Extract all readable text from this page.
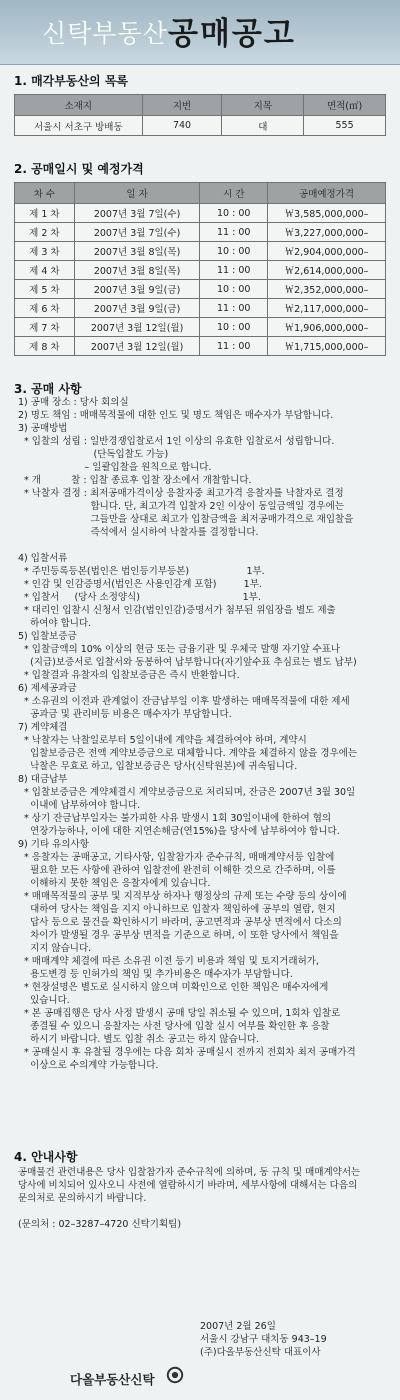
신탁부동산 공매공고
1. 매각부동산의 목록
소재지	지번	지목	면적(㎡)
서울시 서초구 방배동	740	대	555
2. 공매일시 및 예정가격
차 수	일 자	시 간	공매예정가격
제 1 차	2007년 3월 7일(수)	10 : 00	￦3,585,000,000–
제 2 차	2007년 3월 7일(수)	11 : 00	￦3,227,000,000–
제 3 차	2007년 3월 8일(목)	10 : 00	￦2,904,000,000–
제 4 차	2007년 3월 8일(목)	11 : 00	￦2,614,000,000–
제 5 차	2007년 3월 9일(금)	10 : 00	￦2,352,000,000–
제 6 차	2007년 3월 9일(금)	11 : 00	￦2,117,000,000–
제 7 차	2007년 3월 12일(월)	10 : 00	￦1,906,000,000–
제 8 차	2007년 3월 12일(월)	11 : 00	￦1,715,000,000–
3. 공매 사항
1) 공매 장소 : 당사 회의실
2) 명도 책임 : 매매목적물에 대한 인도 및 명도 책임은 매수자가 부담합니다.
3) 공매방법
* 입찰의 성립 : 일반경쟁입찰로서 1인 이상의 유효한 입찰로서 성립합니다.
(단독입찰도 가능)
– 일괄입찰을 원칙으로 합니다.
* 개          찰 : 입찰 종료후 입찰 장소에서 개찰합니다.
* 낙찰자 결정 : 최저공매가격이상 응찰자중 최고가격 응찰자를 낙찰자로 결정
합니다. 단, 최고가격 입찰자 2인 이상이 동일금액일 경우에는
그들만을 상대로 최고가 입찰금액을 최저공매가격으로 재입찰을
즉석에서 실시하여 낙찰자를 결정합니다.
4) 입찰서류
* 주민등록등본(법인은 법인등기부등본)                   1부.
* 인감 및 인감증명서(법인은 사용인감계 포함)         1부.
* 입찰서     (당사 소정양식)                                  1부.
* 대리인 입찰시 신청서 인감(법인인감)증명서가 첨부된 위임장을 별도 제출
하여야 합니다.
5) 입찰보증금
* 입찰금액의 10% 이상의 현금 또는 금융기관 및 우체국 발행 자기앞 수표나
(지급)보증서로 입찰서와 동봉하여 납부합니다(자기앞수표 추심료는 별도 납부)
* 입찰결과 유찰자의 입찰보증금은 즉시 반환합니다.
6) 제세공과금
* 소유권의 이전과 관계없이 잔금납부일 이후 발생하는 매매목적물에 대한 제세
공과금 및 관리비등 비용은 매수자가 부담합니다.
7) 계약체결
* 낙찰자는 낙찰일로부터 5일이내에 계약을 체결하여야 하며, 계약시
입찰보증금은 전액 계약보증금으로 대체합니다. 계약을 체결하지 않을 경우에는
낙찰은 무효로 하고, 입찰보증금은 당사(신탁원본)에 귀속됩니다.
8) 대금납부
* 입찰보증금은 계약체결시 계약보증금으로 처리되며, 잔금은 2007년 3월 30일
이내에 납부하여야 합니다.
* 상기 잔금납부일자는 불가피한 사유 발생시 1회 30일이내에 한하여 협의
연장가능하나, 이에 대한 지연손해금(연15%)을 당사에 납부하여야 합니다.
9) 기타 유의사항
* 응찰자는 공매공고, 기타사항, 입찰참가자 준수규칙, 매매계약서등 입찰에
필요한 모든 사항에 관하여 입찰전에 완전히 이해한 것으로 간주하며, 이를
이해하지 못한 책임은 응찰자에게 있습니다.
* 매매목적물의 공부 및 지적부상 하자나 행정상의 규제 또는 수량 등의 상이에
대하여 당사는 책임을 지지 아니하므로 입찰자 책임하에 공부의 열람, 현지
답사 등으로 물건을 확인하시기 바라며, 공고면적과 공부상 면적에서 다소의
차이가 발생될 경우 공부상 면적을 기준으로 하며, 이 또한 당사에서 책임을
지지 않습니다.
* 매매계약 체결에 따른 소유권 이전 등기 비용과 책임 및 토지거래허가,
용도변경 등 인허가의 책임 및 추가비용은 매수자가 부담합니다.
* 현장설명은 별도로 실시하지 않으며 미확인으로 인한 책임은 매수자에게
있습니다.
* 본 공매집행은 당사 사정 발생시 공매 당일 취소될 수 있으며, 1회차 입찰로
종결될 수 있으니 응찰자는 사전 당사에 입찰 실시 여부를 확인한 후 응찰
하시기 바랍니다. 별도 입찰 취소 공고는 하지 않습니다.
* 공매실시 후 유찰될 경우에는 다음 회차 공매실시 전까지 전회차 최저 공매가격
이상으로 수의계약 가능합니다.
4. 안내사항
공매물건 관련내용은 당사 입찰참가자 준수규칙에 의하며, 동 규칙 및 매매계약서는
당사에 비치되어 있사오니 사전에 열람하시기 바라며, 세부사항에 대해서는 다음의
문의처로 문의하시기 바랍니다.
(문의처 : 02–3287–4720 신탁기획팀)
2007년 2월 26일
서울시 강남구 대치동 943–19
(주)다올부동산신탁 대표이사
다올부동산신탁
